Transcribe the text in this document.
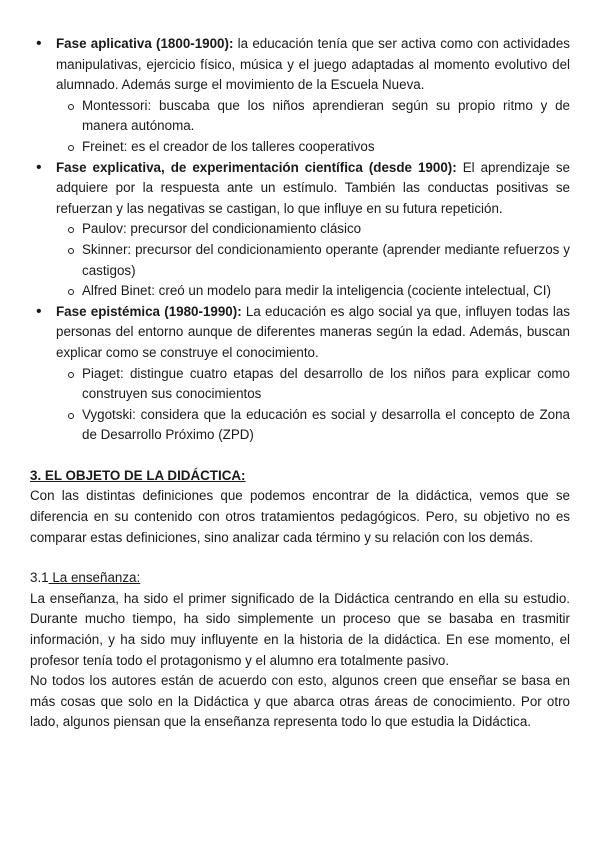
• Fase aplicativa (1800-1900): la educación tenía que ser activa como con actividades manipulativas, ejercicio físico, música y el juego adaptadas al momento evolutivo del alumnado. Además surge el movimiento de la Escuela Nueva.
Montessori: buscaba que los niños aprendieran según su propio ritmo y de manera autónoma.
Freinet: es el creador de los talleres cooperativos
• Fase explicativa, de experimentación científica (desde 1900): El aprendizaje se adquiere por la respuesta ante un estímulo. También las conductas positivas se refuerzan y las negativas se castigan, lo que influye en su futura repetición.
Paulov: precursor del condicionamiento clásico
Skinner: precursor del condicionamiento operante (aprender mediante refuerzos y castigos)
Alfred Binet: creó un modelo para medir la inteligencia (cociente intelectual, CI)
• Fase epistémica (1980-1990): La educación es algo social ya que, influyen todas las personas del entorno aunque de diferentes maneras según la edad. Además, buscan explicar como se construye el conocimiento.
Piaget: distingue cuatro etapas del desarrollo de los niños para explicar como construyen sus conocimientos
Vygotski: considera que la educación es social y desarrolla el concepto de Zona de Desarrollo Próximo (ZPD)
3. EL OBJETO DE LA DIDÁCTICA:

Con las distintas definiciones que podemos encontrar de la didáctica, vemos que se diferencia en su contenido con otros tratamientos pedagógicos. Pero, su objetivo no es comparar estas definiciones, sino analizar cada término y su relación con los demás.

3.1 La enseñanza:

La enseñanza, ha sido el primer significado de la Didáctica centrando en ella su estudio. Durante mucho tiempo, ha sido simplemente un proceso que se basaba en trasmitir información, y ha sido muy influyente en la historia de la didáctica. En ese momento, el profesor tenía todo el protagonismo y el alumno era totalmente pasivo.

No todos los autores están de acuerdo con esto, algunos creen que enseñar se basa en más cosas que solo en la Didáctica y que abarca otras áreas de conocimiento. Por otro lado, algunos piensan que la enseñanza representa todo lo que estudia la Didáctica.
